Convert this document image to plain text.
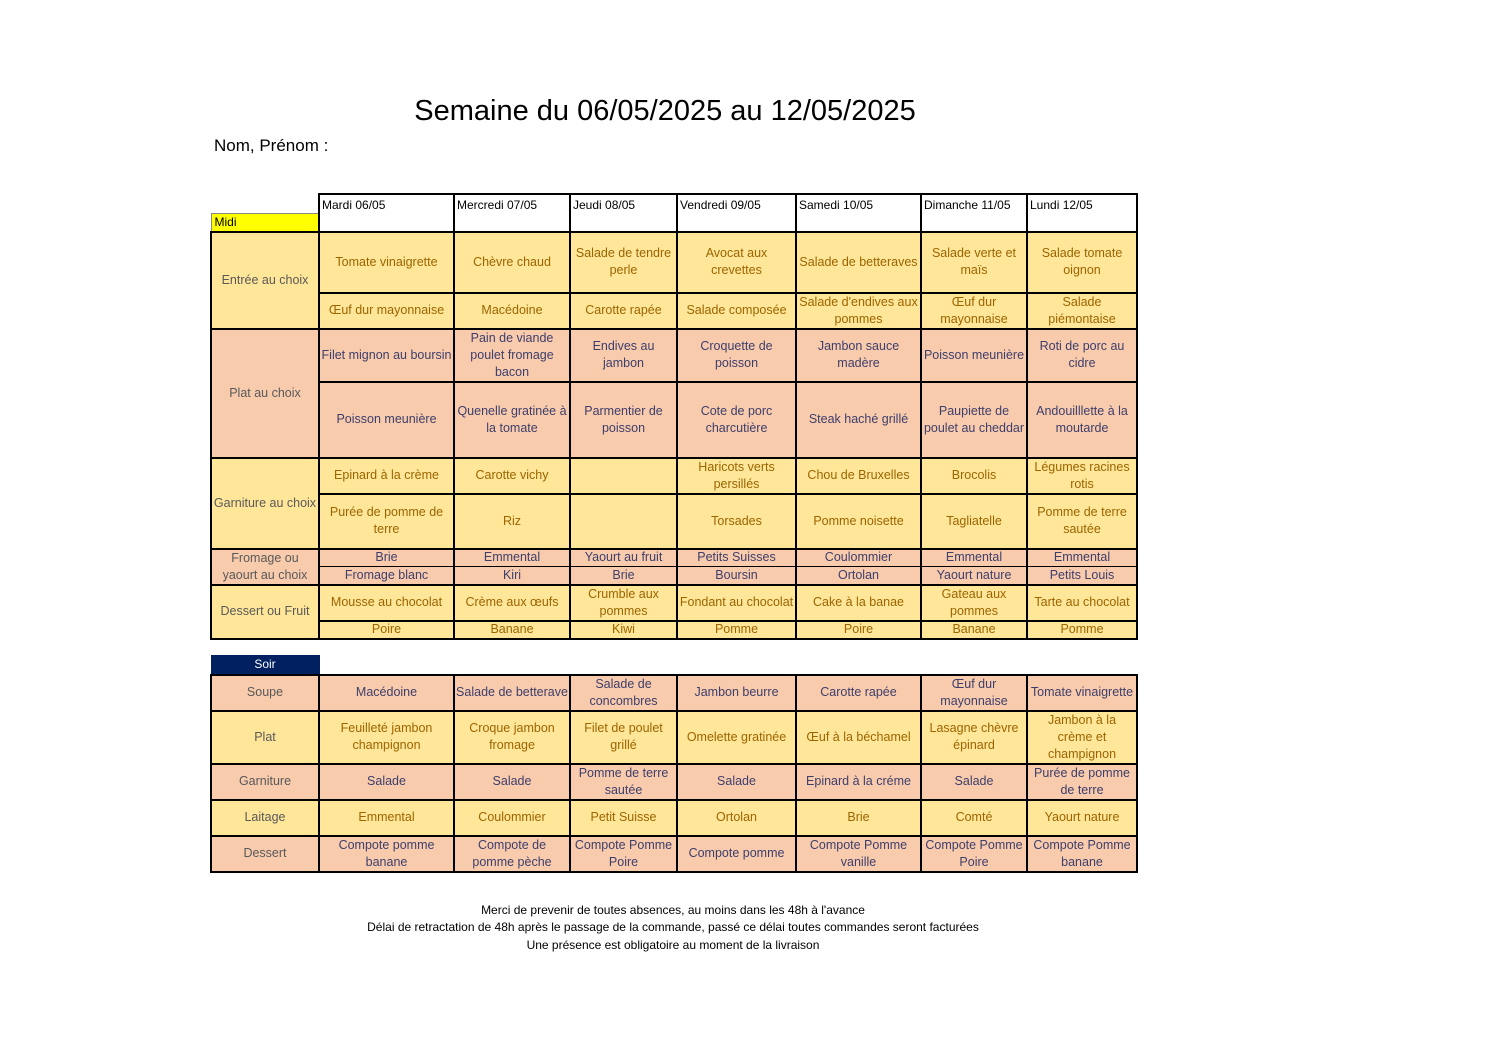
Semaine du 06/05/2025 au 12/05/2025
Nom, Prénom :
	Mardi 06/05	Mercredi 07/05	Jeudi 08/05	Vendredi 09/05	Samedi 10/05	Dimanche 11/05	Lundi 12/05
Midi							
Entrée au choix	Tomate vinaigrette	Chèvre chaud	Salade de tendre perle	Avocat aux crevettes	Salade de betteraves	Salade verte et maïs	Salade tomate oignon
	Œuf dur mayonnaise	Macédoine	Carotte rapée	Salade composée	Salade d'endives aux pommes	Œuf dur mayonnaise	Salade piémontaise
Plat au choix	Filet mignon au boursin	Pain de viande poulet fromage bacon	Endives au jambon	Croquette de poisson	Jambon sauce madère	Poisson meunière	Roti de porc au cidre
	Poisson meunière	Quenelle gratinée à la tomate	Parmentier de poisson	Cote de porc charcutière	Steak haché grillé	Paupiette de poulet au cheddar	Andouilllette à la moutarde
Garniture au choix	Epinard à la crème	Carotte vichy		Haricots verts persillés	Chou de Bruxelles	Brocolis	Légumes racines rotis
	Purée de pomme de terre	Riz		Torsades	Pomme noisette	Tagliatelle	Pomme de terre sautée
Fromage ou yaourt au choix	Brie	Emmental	Yaourt au fruit	Petits Suisses	Coulommier	Emmental	Emmental
	Fromage blanc	Kiri	Brie	Boursin	Ortolan	Yaourt nature	Petits Louis
Dessert ou Fruit	Mousse au chocolat	Crème aux œufs	Crumble aux pommes	Fondant au chocolat	Cake à la banae	Gateau aux pommes	Tarte au chocolat
	Poire	Banane	Kiwi	Pomme	Poire	Banane	Pomme
Soir							
Soupe	Macédoine	Salade de betterave	Salade de concombres	Jambon beurre	Carotte rapée	Œuf dur mayonnaise	Tomate vinaigrette
Plat	Feuilleté jambon champignon	Croque jambon fromage	Filet de poulet grillé	Omelette gratinée	Œuf à la béchamel	Lasagne chèvre épinard	Jambon à la crème et champignon
Garniture	Salade	Salade	Pomme de terre sautée	Salade	Epinard à la créme	Salade	Purée de pomme de terre
Laitage	Emmental	Coulommier	Petit Suisse	Ortolan	Brie	Comté	Yaourt nature
Dessert	Compote pomme banane	Compote de pomme pèche	Compote Pomme Poire	Compote pomme	Compote Pomme vanille	Compote Pomme Poire	Compote Pomme banane
Merci de prevenir de toutes absences, au moins dans les 48h à l'avance
Délai de retractation de 48h après le passage de la commande, passé ce délai toutes commandes seront facturées
Une présence est obligatoire au moment de la livraison
